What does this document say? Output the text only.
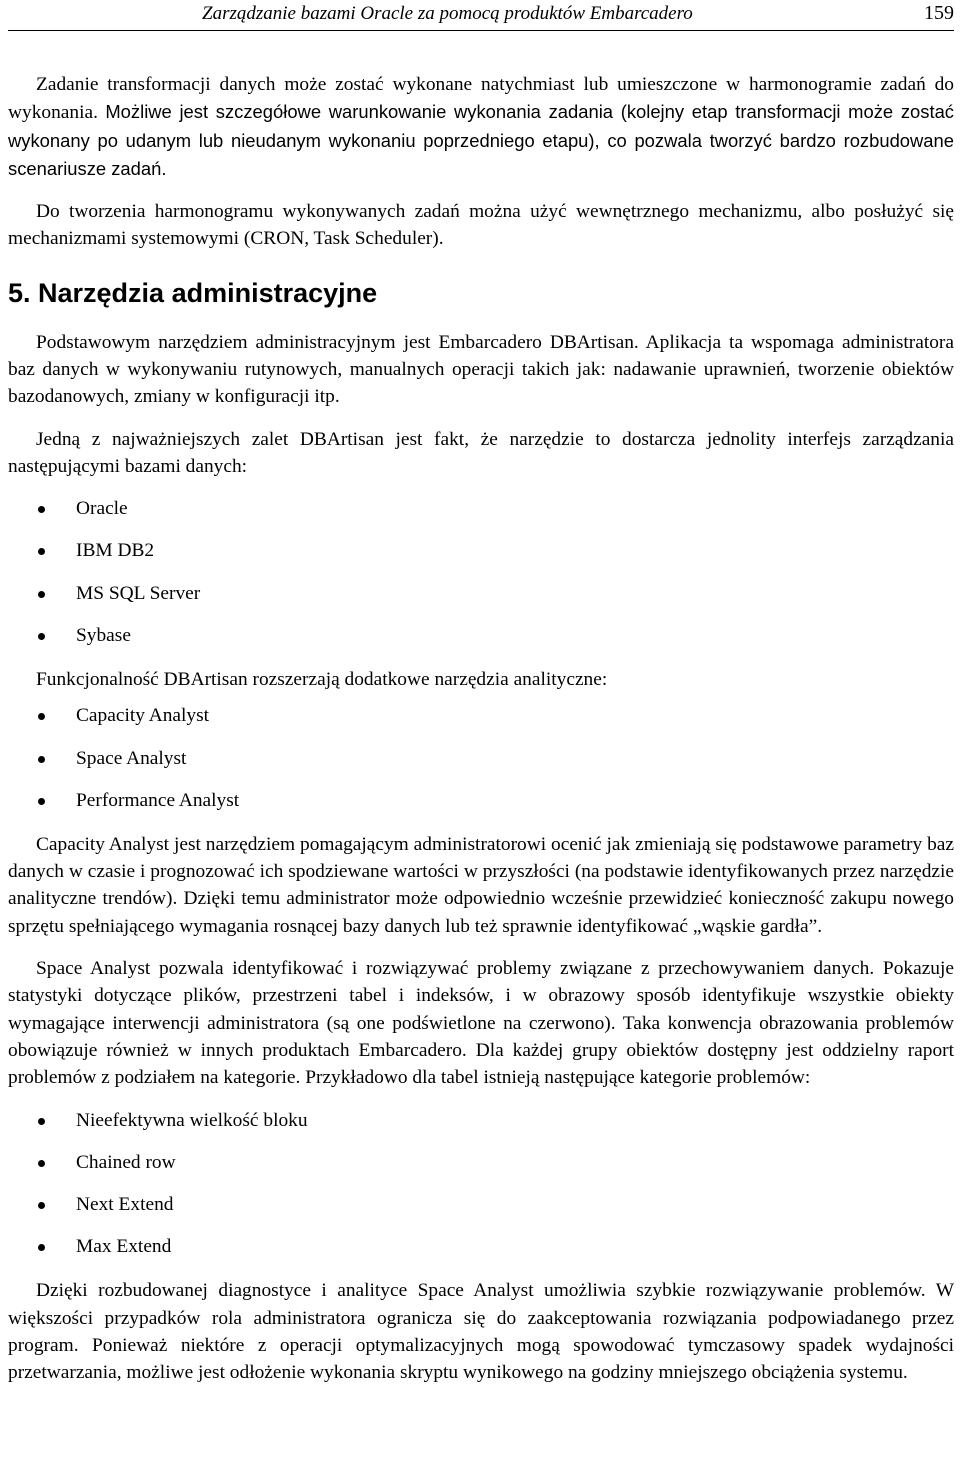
Zarządzanie bazami Oracle za pomocą produktów Embarcadero	159

Zadanie transformacji danych może zostać wykonane natychmiast lub umieszczone w harmonogramie zadań do wykonania. Możliwe jest szczegółowe warunkowanie wykonania zadania (kolejny etap transformacji może zostać wykonany po udanym lub nieudanym wykonaniu poprzedniego etapu), co pozwala tworzyć bardzo rozbudowane scenariusze zadań.

Do tworzenia harmonogramu wykonywanych zadań można użyć wewnętrznego mechanizmu, albo posłużyć się mechanizmami systemowymi (CRON, Task Scheduler).

5. Narzędzia administracyjne

Podstawowym narzędziem administracyjnym jest Embarcadero DBArtisan. Aplikacja ta wspomaga administratora baz danych w wykonywaniu rutynowych, manualnych operacji takich jak: nadawanie uprawnień, tworzenie obiektów bazodanowych, zmiany w konfiguracji itp.

Jedną z najważniejszych zalet DBArtisan jest fakt, że narzędzie to dostarcza jednolity interfejs zarządzania następującymi bazami danych:

Oracle
IBM DB2
MS SQL Server
Sybase

Funkcjonalność DBArtisan rozszerzają dodatkowe narzędzia analityczne:

Capacity Analyst
Space Analyst
Performance Analyst

Capacity Analyst jest narzędziem pomagającym administratorowi ocenić jak zmieniają się podstawowe parametry baz danych w czasie i prognozować ich spodziewane wartości w przyszłości (na podstawie identyfikowanych przez narzędzie analityczne trendów). Dzięki temu administrator może odpowiednio wcześnie przewidzieć konieczność zakupu nowego sprzętu spełniającego wymagania rosnącej bazy danych lub też sprawnie identyfikować „wąskie gardła”.

Space Analyst pozwala identyfikować i rozwiązywać problemy związane z przechowywaniem danych. Pokazuje statystyki dotyczące plików, przestrzeni tabel i indeksów, i w obrazowy sposób identyfikuje wszystkie obiekty wymagające interwencji administratora (są one podświetlone na czerwono). Taka konwencja obrazowania problemów obowiązuje również w innych produktach Embarcadero. Dla każdej grupy obiektów dostępny jest oddzielny raport problemów z podziałem na kategorie. Przykładowo dla tabel istnieją następujące kategorie problemów:

Nieefektywna wielkość bloku
Chained row
Next Extend
Max Extend

Dzięki rozbudowanej diagnostyce i analityce Space Analyst umożliwia szybkie rozwiązywanie problemów. W większości przypadków rola administratora ogranicza się do zaakceptowania rozwiązania podpowiadanego przez program. Ponieważ niektóre z operacji optymalizacyjnych mogą spowodować tymczasowy spadek wydajności przetwarzania, możliwe jest odłożenie wykonania skryptu wynikowego na godziny mniejszego obciążenia systemu.
